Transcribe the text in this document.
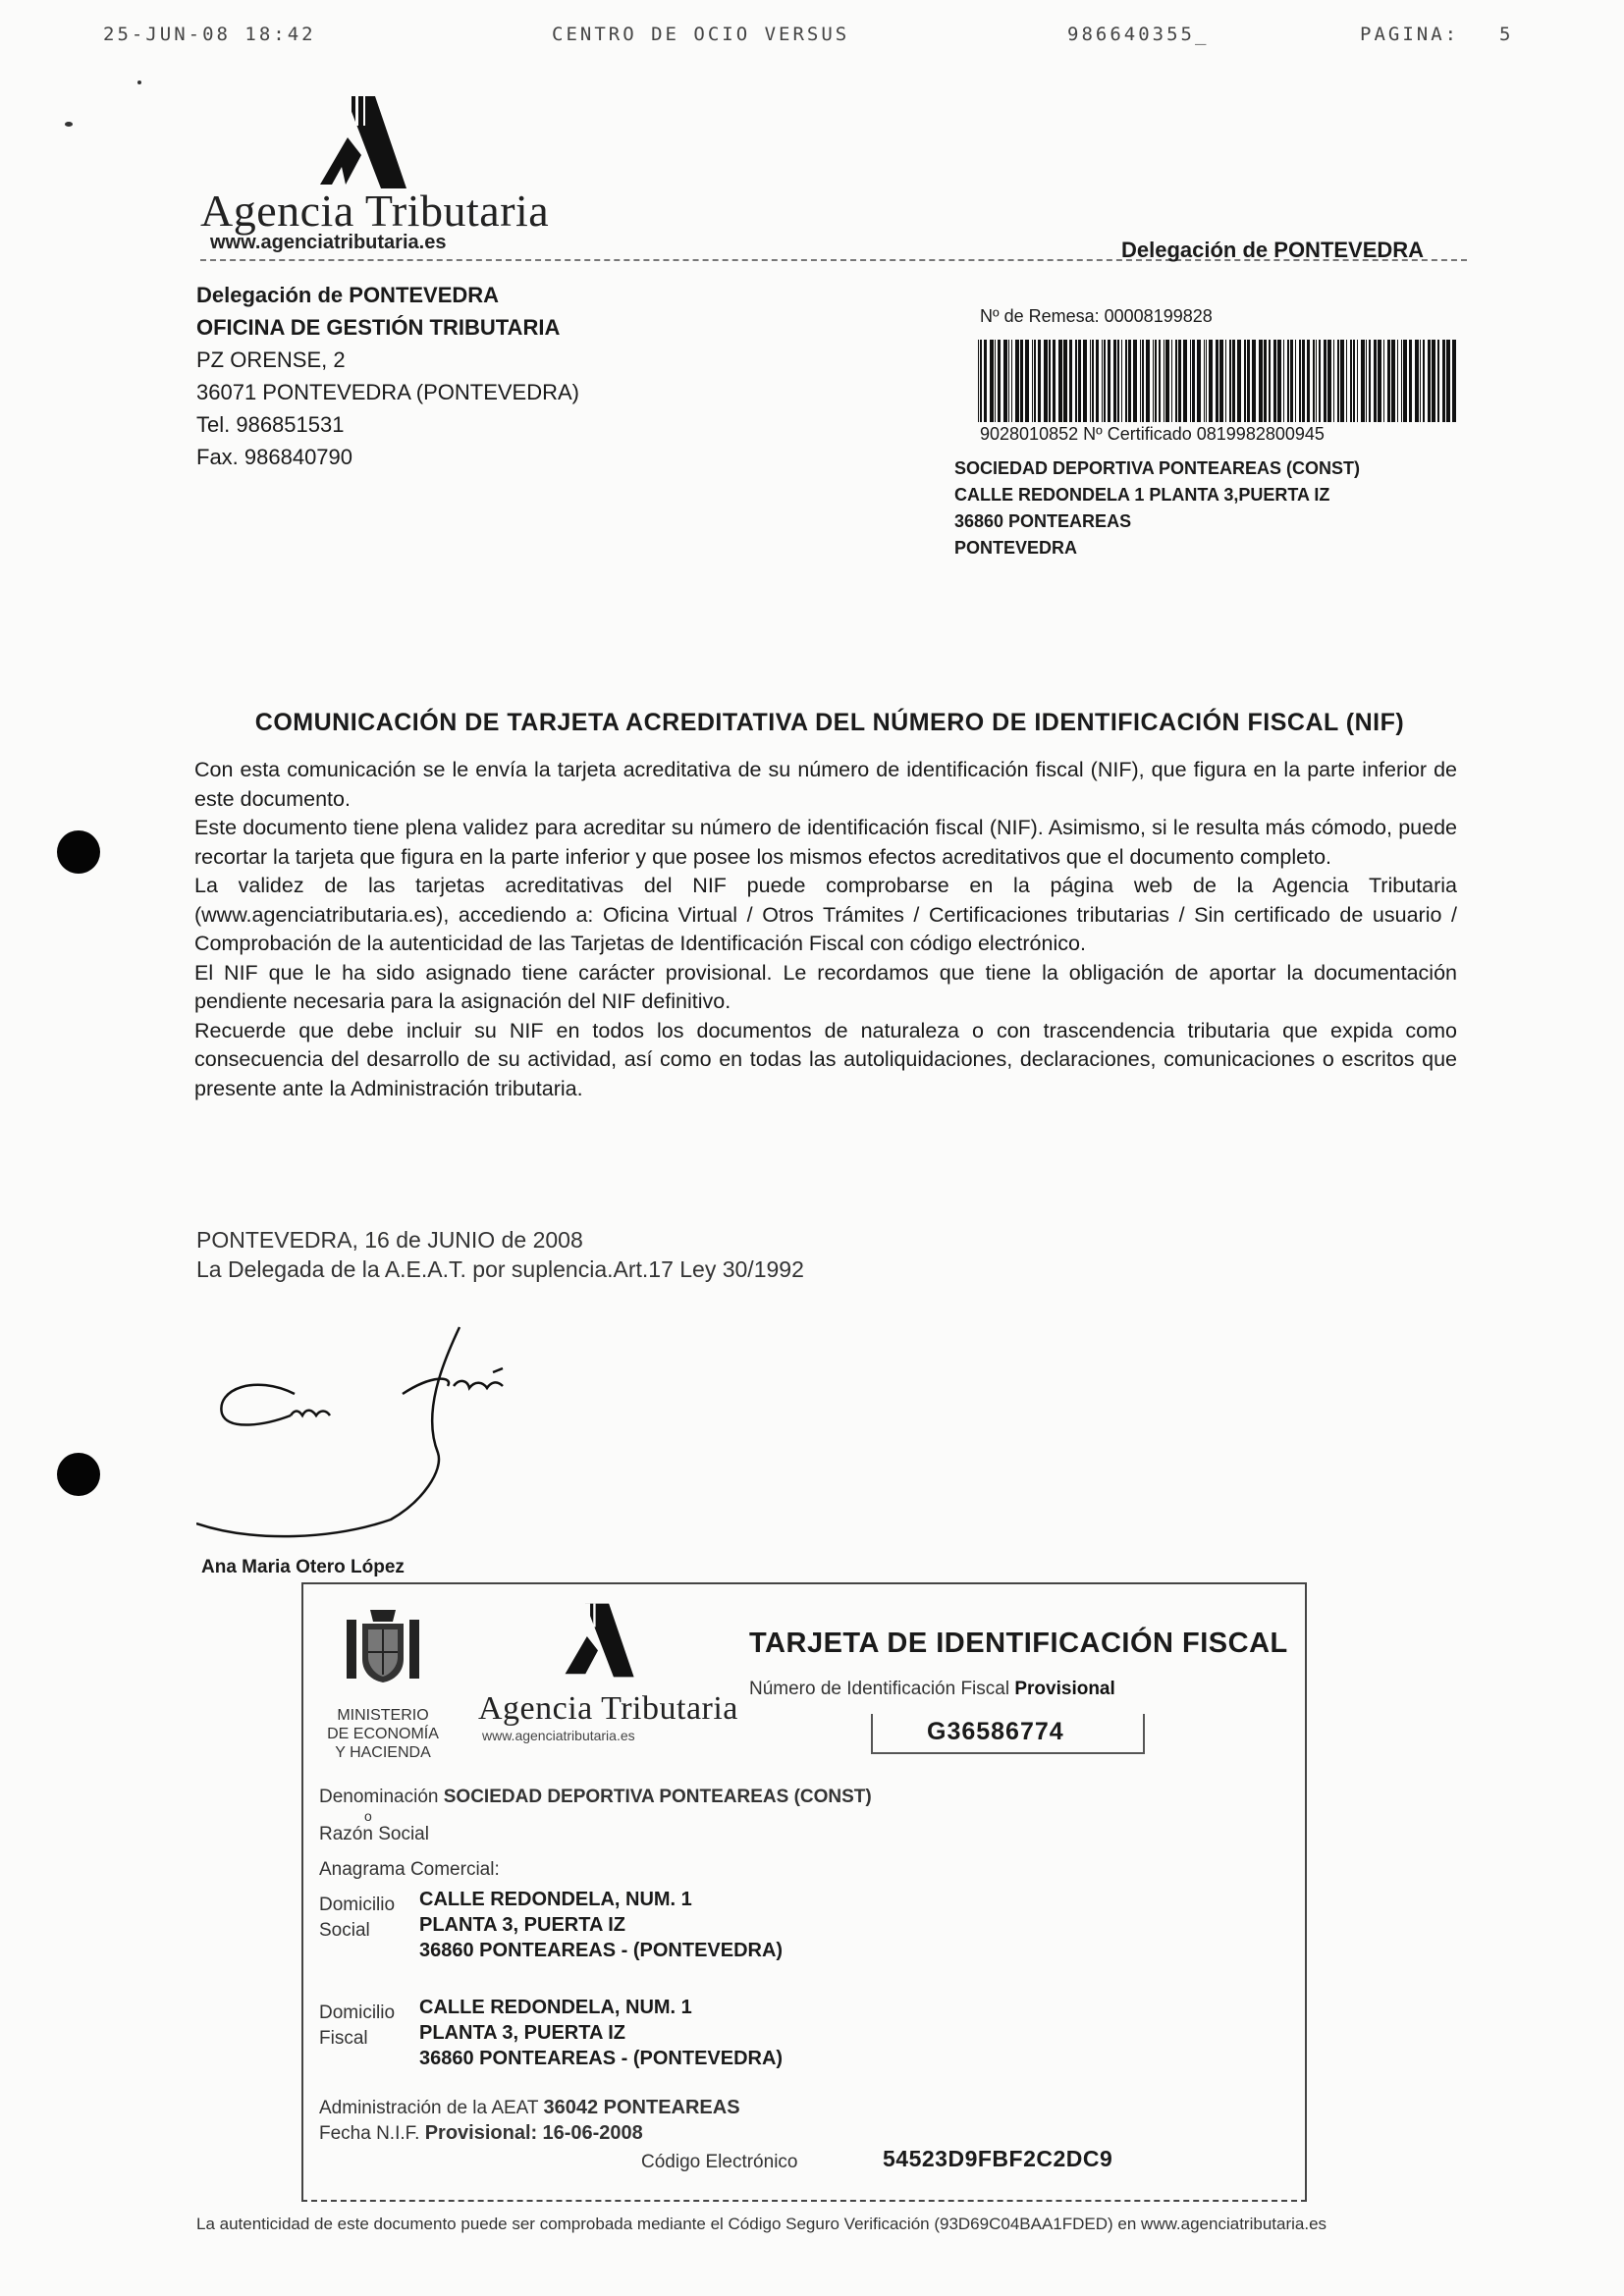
25-JUN-08 18:42	CENTRO DE OCIO VERSUS	986640355_	PAGINA: 5
Agencia Tributaria
www.agenciatributaria.es	Delegación de PONTEVEDRA
Delegación de PONTEVEDRA
OFICINA DE GESTIÓN TRIBUTARIA
PZ ORENSE, 2
36071 PONTEVEDRA (PONTEVEDRA)
Tel. 986851531
Fax. 986840790
Nº de Remesa: 00008199828
9028010852 Nº Certificado 0819982800945
SOCIEDAD DEPORTIVA PONTEAREAS (CONST)
CALLE REDONDELA 1 PLANTA 3,PUERTA IZ
36860 PONTEAREAS
PONTEVEDRA
COMUNICACIÓN DE TARJETA ACREDITATIVA DEL NÚMERO DE IDENTIFICACIÓN FISCAL (NIF)

Con esta comunicación se le envía la tarjeta acreditativa de su número de identificación fiscal (NIF), que figura en la parte inferior de este documento.

Este documento tiene plena validez para acreditar su número de identificación fiscal (NIF). Asimismo, si le resulta más cómodo, puede recortar la tarjeta que figura en la parte inferior y que posee los mismos efectos acreditativos que el documento completo.

La validez de las tarjetas acreditativas del NIF puede comprobarse en la página web de la Agencia Tributaria (www.agenciatributaria.es), accediendo a: Oficina Virtual / Otros Trámites / Certificaciones tributarias / Sin certificado de usuario / Comprobación de la autenticidad de las Tarjetas de Identificación Fiscal con código electrónico.

El NIF que le ha sido asignado tiene carácter provisional. Le recordamos que tiene la obligación de aportar la documentación pendiente necesaria para la asignación del NIF definitivo.

Recuerde que debe incluir su NIF en todos los documentos de naturaleza o con trascendencia tributaria que expida como consecuencia del desarrollo de su actividad, así como en todas las autoliquidaciones, declaraciones, comunicaciones o escritos que presente ante la Administración tributaria.

PONTEVEDRA, 16 de JUNIO de 2008
La Delegada de la A.E.A.T. por suplencia.Art.17 Ley 30/1992
Ana Maria Otero López
MINISTERIO
DE ECONOMÍA
Y HACIENDA
Agencia Tributaria
www.agenciatributaria.es
TARJETA DE IDENTIFICACIÓN FISCAL
Número de Identificación Fiscal Provisional
G36586774
Denominación SOCIEDAD DEPORTIVA PONTEAREAS (CONST)
o
Razón Social
Anagrama Comercial:
Domicilio
Social
CALLE REDONDELA, NUM. 1
PLANTA 3, PUERTA IZ
36860 PONTEAREAS - (PONTEVEDRA)
Domicilio
Fiscal
CALLE REDONDELA, NUM. 1
PLANTA 3, PUERTA IZ
36860 PONTEAREAS - (PONTEVEDRA)
Administración de la AEAT 36042 PONTEAREAS
Fecha N.I.F. Provisional: 16-06-2008
Código Electrónico	54523D9FBF2C2DC9
La autenticidad de este documento puede ser comprobada mediante el Código Seguro Verificación (93D69C04BAA1FDED) en www.agenciatributaria.es
